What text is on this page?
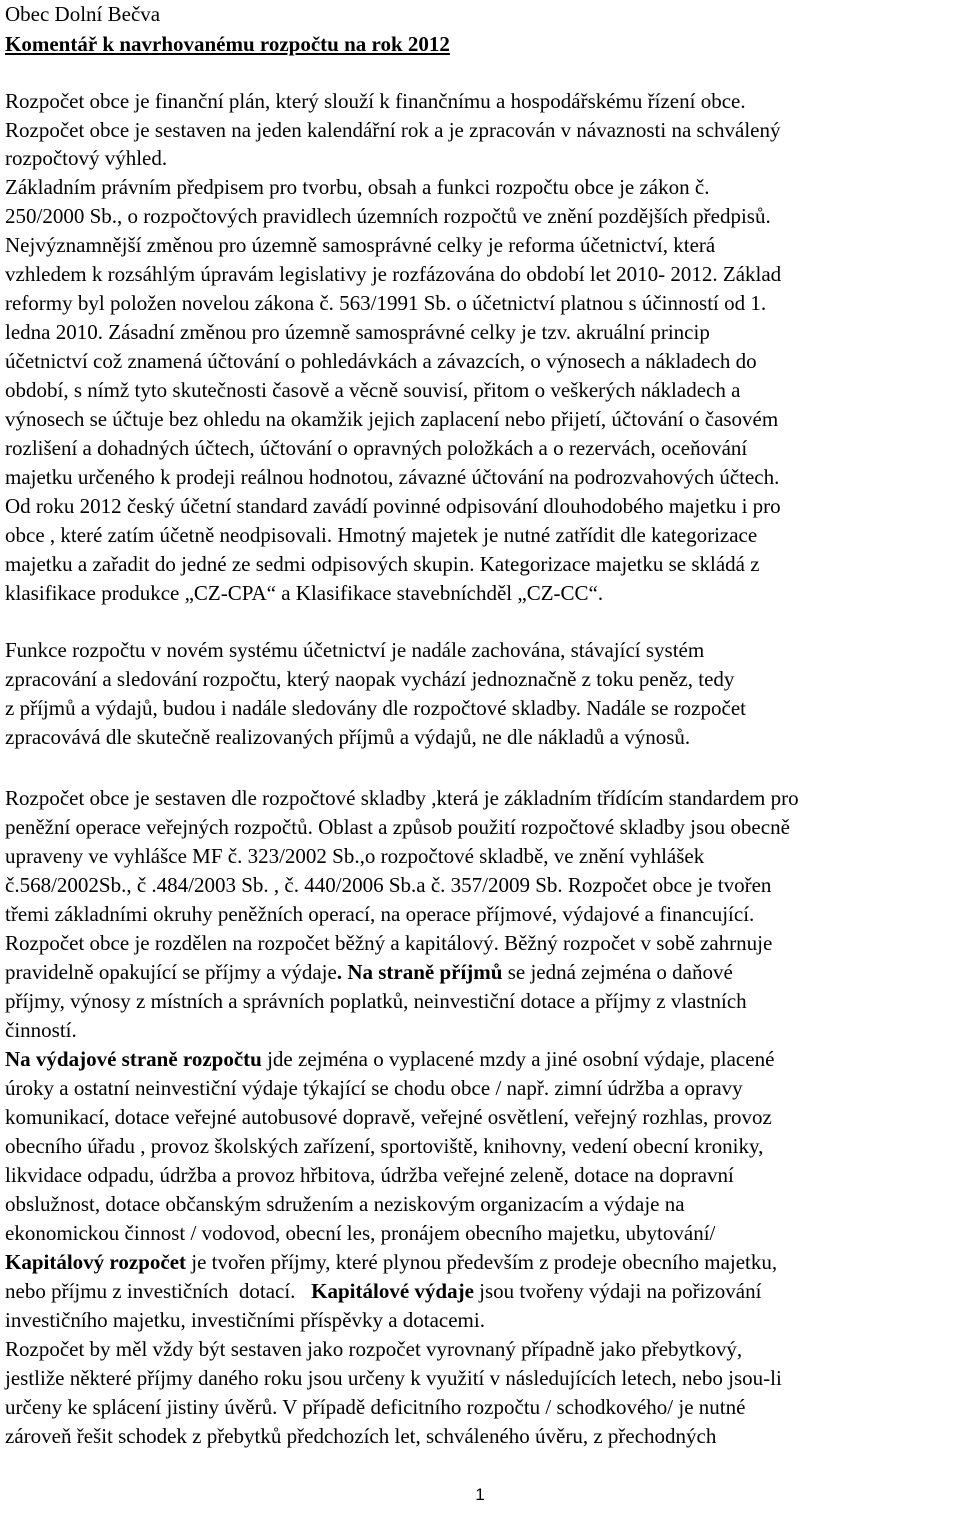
Obec Dolní Bečva
Komentář k navrhovanému rozpočtu na rok 2012
Rozpočet obce je finanční plán, který slouží k finančnímu a hospodářskému řízení obce.
Rozpočet obce je sestaven na jeden kalendářní rok a je zpracován v návaznosti na schválený
rozpočtový výhled.
Základním právním předpisem pro tvorbu, obsah a funkci rozpočtu obce je zákon č.
250/2000 Sb., o rozpočtových pravidlech územních rozpočtů ve znění pozdějších předpisů.
Nejvýznamnější změnou pro územně samosprávné celky je reforma účetnictví, která
vzhledem k rozsáhlým úpravám legislativy je rozfázována do období let 2010- 2012. Základ
reformy byl položen novelou zákona č. 563/1991 Sb. o účetnictví platnou s účinností od 1.
ledna 2010. Zásadní změnou pro územně samosprávné celky je tzv. akruální princip
účetnictví což znamená účtování o pohledávkách a závazcích, o výnosech a nákladech do
období, s nímž tyto skutečnosti časově a věcně souvisí, přitom o veškerých nákladech a
výnosech se účtuje bez ohledu na okamžik jejich zaplacení nebo přijetí, účtování o časovém
rozlišení a dohadných účtech, účtování o opravných položkách a o rezervách, oceňování
majetku určeného k prodeji reálnou hodnotou, závazné účtování na podrozvahových účtech.
Od roku 2012 český účetní standard zavádí povinné odpisování dlouhodobého majetku i pro
obce , které zatím účetně neodpisovali. Hmotný majetek je nutné zatřídit dle kategorizace
majetku a zařadit do jedné ze sedmi odpisových skupin. Kategorizace majetku se skládá z
klasifikace produkce „CZ-CPA“ a Klasifikace stavebníchděl „CZ-CC“.
Funkce rozpočtu v novém systému účetnictví je nadále zachována, stávající systém
zpracování a sledování rozpočtu, který naopak vychází jednoznačně z toku peněz, tedy
z příjmů a výdajů, budou i nadále sledovány dle rozpočtové skladby. Nadále se rozpočet
zpracovává dle skutečně realizovaných příjmů a výdajů, ne dle nákladů a výnosů.
Rozpočet obce je sestaven dle rozpočtové skladby ,která je základním třídícím standardem pro
peněžní operace veřejných rozpočtů. Oblast a způsob použití rozpočtové skladby jsou obecně
upraveny ve vyhlášce MF č. 323/2002 Sb.,o rozpočtové skladbě, ve znění vyhlášek
č.568/2002Sb., č .484/2003 Sb. , č. 440/2006 Sb.a č. 357/2009 Sb. Rozpočet obce je tvořen
třemi základními okruhy peněžních operací, na operace příjmové, výdajové a financující.
Rozpočet obce je rozdělen na rozpočet běžný a kapitálový. Běžný rozpočet v sobě zahrnuje
pravidelně opakující se příjmy a výdaje. Na straně příjmů se jedná zejména o daňové
příjmy, výnosy z místních a správních poplatků, neinvestiční dotace a příjmy z vlastních
činností.
Na výdajové straně rozpočtu jde zejména o vyplacené mzdy a jiné osobní výdaje, placené
úroky a ostatní neinvestiční výdaje týkající se chodu obce / např. zimní údržba a opravy
komunikací, dotace veřejné autobusové dopravě, veřejné osvětlení, veřejný rozhlas, provoz
obecního úřadu , provoz školských zařízení, sportoviště, knihovny, vedení obecní kroniky,
likvidace odpadu, údržba a provoz hřbitova, údržba veřejné zeleně, dotace na dopravní
obslužnost, dotace občanským sdružením a neziskovým organizacím a výdaje na
ekonomickou činnost / vodovod, obecní les, pronájem obecního majetku, ubytování/
Kapitálový rozpočet je tvořen příjmy, které plynou především z prodeje obecního majetku,
nebo příjmu z investičních  dotací.   Kapitálové výdaje jsou tvořeny výdaji na pořizování
investičního majetku, investičními příspěvky a dotacemi.
Rozpočet by měl vždy být sestaven jako rozpočet vyrovnaný případně jako přebytkový,
jestliže některé příjmy daného roku jsou určeny k využití v následujících letech, nebo jsou-li
určeny ke splácení jistiny úvěrů. V případě deficitního rozpočtu / schodkového/ je nutné
zároveň řešit schodek z přebytků předchozích let, schváleného úvěru, z přechodných
1
